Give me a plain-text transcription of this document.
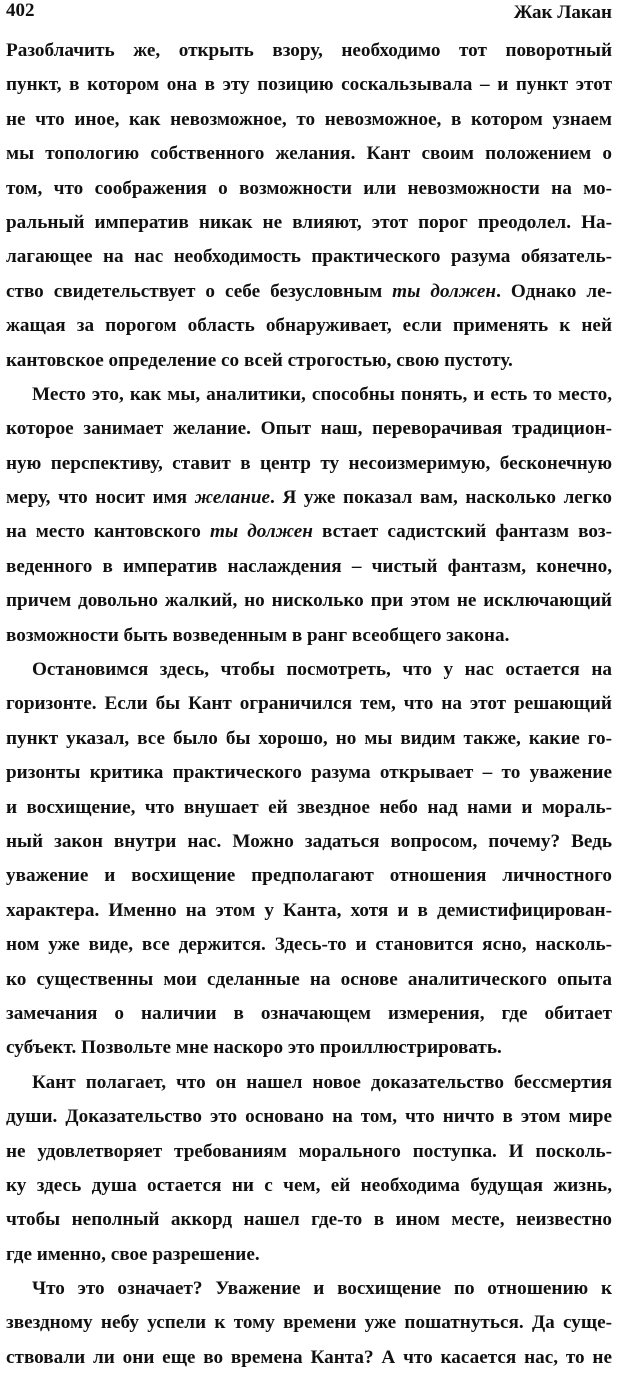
402	Жак Лакан
Разоблачить же, открыть взору, необходимо тот поворотный
пункт, в котором она в эту позицию соскальзывала – и пункт этот
не что иное, как невозможное, то невозможное, в котором узнаем
мы топологию собственного желания. Кант своим положением о
том, что соображения о возможности или невозможности на мо-
ральный императив никак не влияют, этот порог преодолел. На-
лагающее на нас необходимость практического разума обязатель-
ство свидетельствует о себе безусловным ты должен. Однако ле-
жащая за порогом область обнаруживает, если применять к ней
кантовское определение со всей строгостью, свою пустоту.
Место это, как мы, аналитики, способны понять, и есть то место,
которое занимает желание. Опыт наш, переворачивая традицион-
ную перспективу, ставит в центр ту несоизмеримую, бесконечную
меру, что носит имя желание. Я уже показал вам, насколько легко
на место кантовского ты должен встает садистский фантазм воз-
веденного в императив наслаждения – чистый фантазм, конечно,
причем довольно жалкий, но нисколько при этом не исключающий
возможности быть возведенным в ранг всеобщего закона.
Остановимся здесь, чтобы посмотреть, что у нас остается на
горизонте. Если бы Кант ограничился тем, что на этот решающий
пункт указал, все было бы хорошо, но мы видим также, какие го-
ризонты критика практического разума открывает – то уважение
и восхищение, что внушает ей звездное небо над нами и мораль-
ный закон внутри нас. Можно задаться вопросом, почему? Ведь
уважение и восхищение предполагают отношения личностного
характера. Именно на этом у Канта, хотя и в демистифицирован-
ном уже виде, все держится. Здесь-то и становится ясно, насколь-
ко существенны мои сделанные на основе аналитического опыта
замечания о наличии в означающем измерения, где обитает
субъект. Позвольте мне наскоро это проиллюстрировать.
Кант полагает, что он нашел новое доказательство бессмертия
души. Доказательство это основано на том, что ничто в этом мире
не удовлетворяет требованиям морального поступка. И посколь-
ку здесь душа остается ни с чем, ей необходима будущая жизнь,
чтобы неполный аккорд нашел где-то в ином месте, неизвестно
где именно, свое разрешение.
Что это означает? Уважение и восхищение по отношению к
звездному небу успели к тому времени уже пошатнуться. Да суще-
ствовали ли они еще во времена Канта? А что касается нас, то не
